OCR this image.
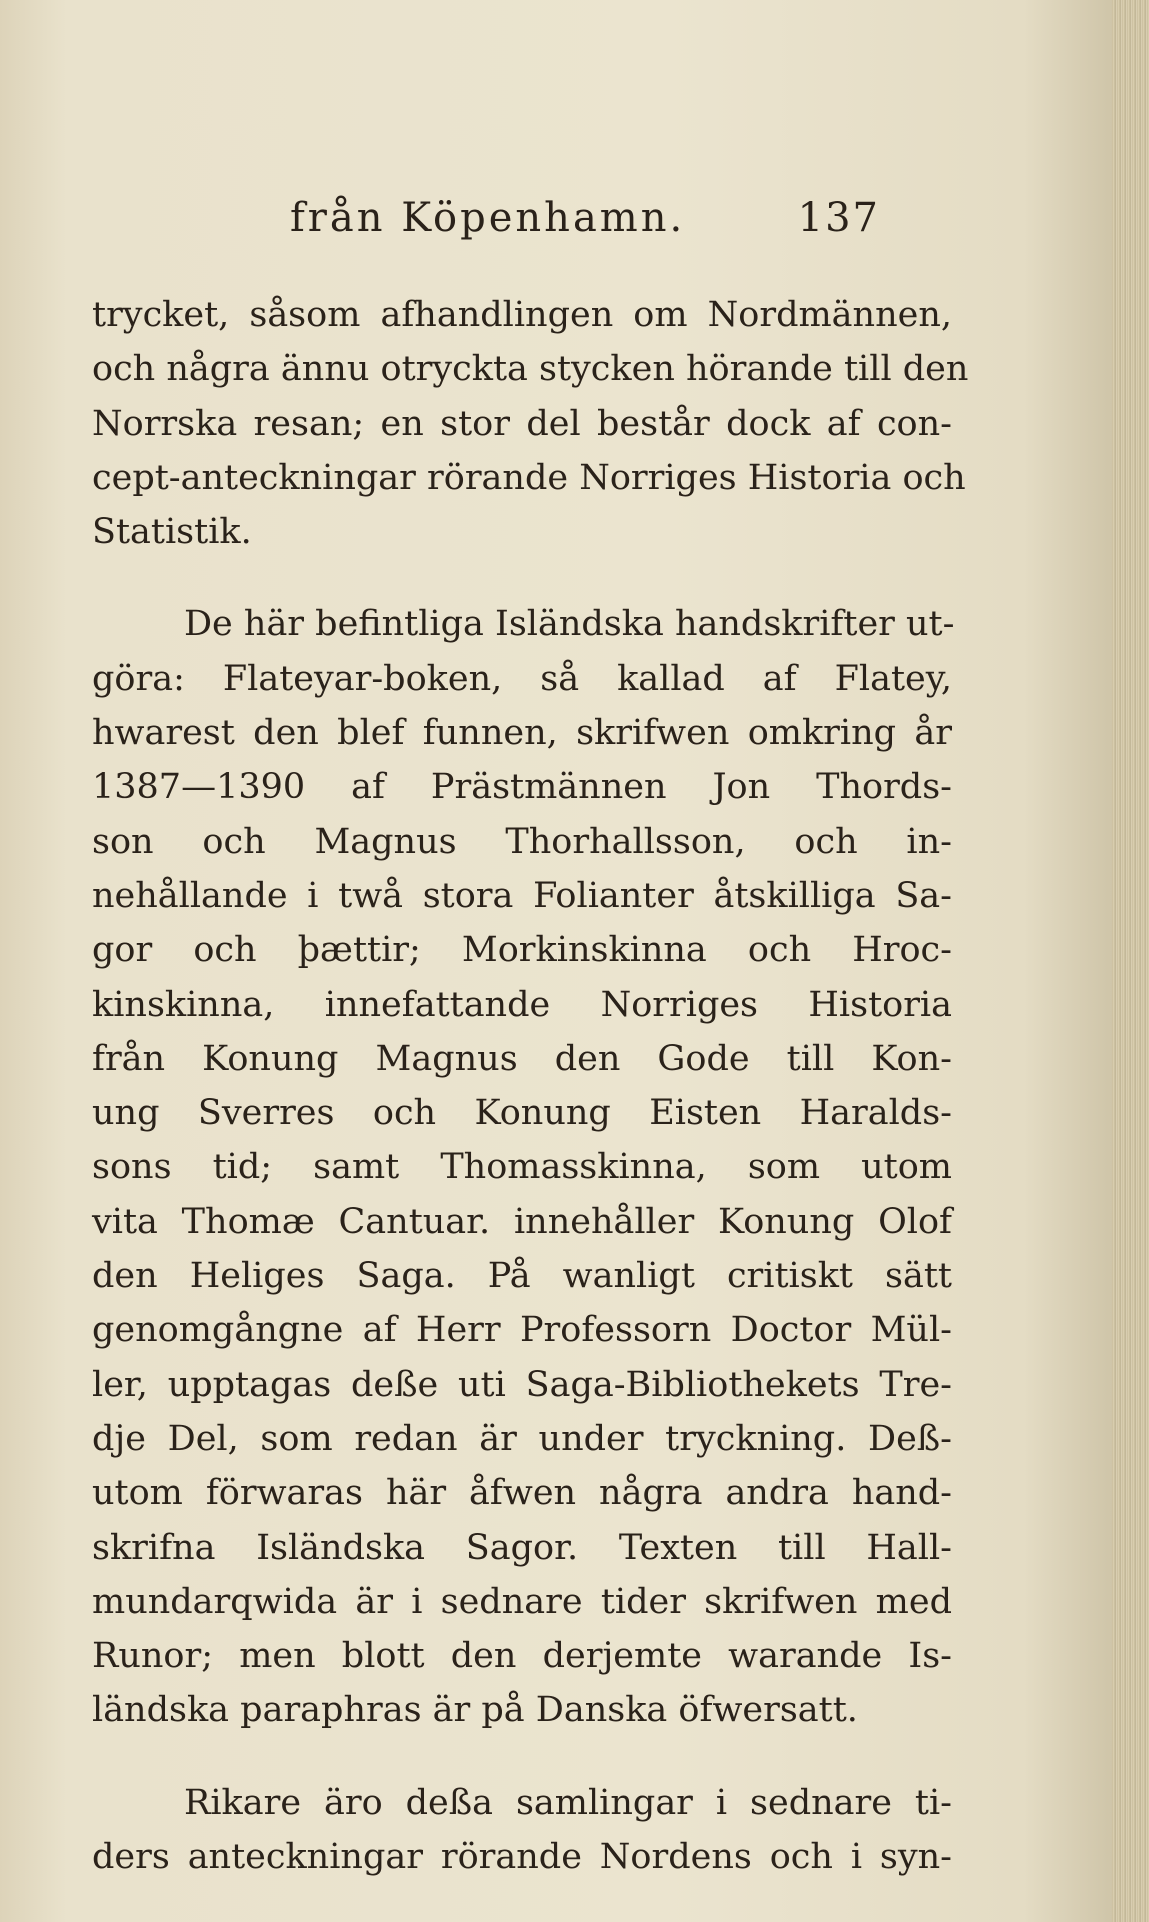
från Köpenhamn.	137
trycket, såsom afhandlingen om Nordmännen,
och några ännu otryckta stycken hörande till den
Norrska resan; en stor del består dock af con-
cept-anteckningar rörande Norriges Historia och
Statistik.
De här befintliga Isländska handskrifter ut-
göra: Flateyar-boken, så kallad af Flatey,
hwarest den blef funnen, skrifwen omkring år
1387—1390 af Prästmännen Jon Thords-
son och Magnus Thorhallsson, och in-
nehållande i twå stora Folianter åtskilliga Sa-
gor och þættir; Morkinskinna och Hroc-
kinskinna, innefattande Norriges Historia
från Konung Magnus den Gode till Kon-
ung Sverres och Konung Eisten Haralds-
sons tid; samt Thomasskinna, som utom
vita Thomæ Cantuar. innehåller Konung Olof
den Heliges Saga. På wanligt critiskt sätt
genomgångne af Herr Professorn Doctor Mül-
ler, upptagas deße uti Saga-Bibliothekets Tre-
dje Del, som redan är under tryckning. Deß-
utom förwaras här åfwen några andra hand-
skrifna Isländska Sagor. Texten till Hall-
mundarqwida är i sednare tider skrifwen med
Runor; men blott den derjemte warande Is-
ländska paraphras är på Danska öfwersatt.
Rikare äro deßa samlingar i sednare ti-
ders anteckningar rörande Nordens och i syn-
